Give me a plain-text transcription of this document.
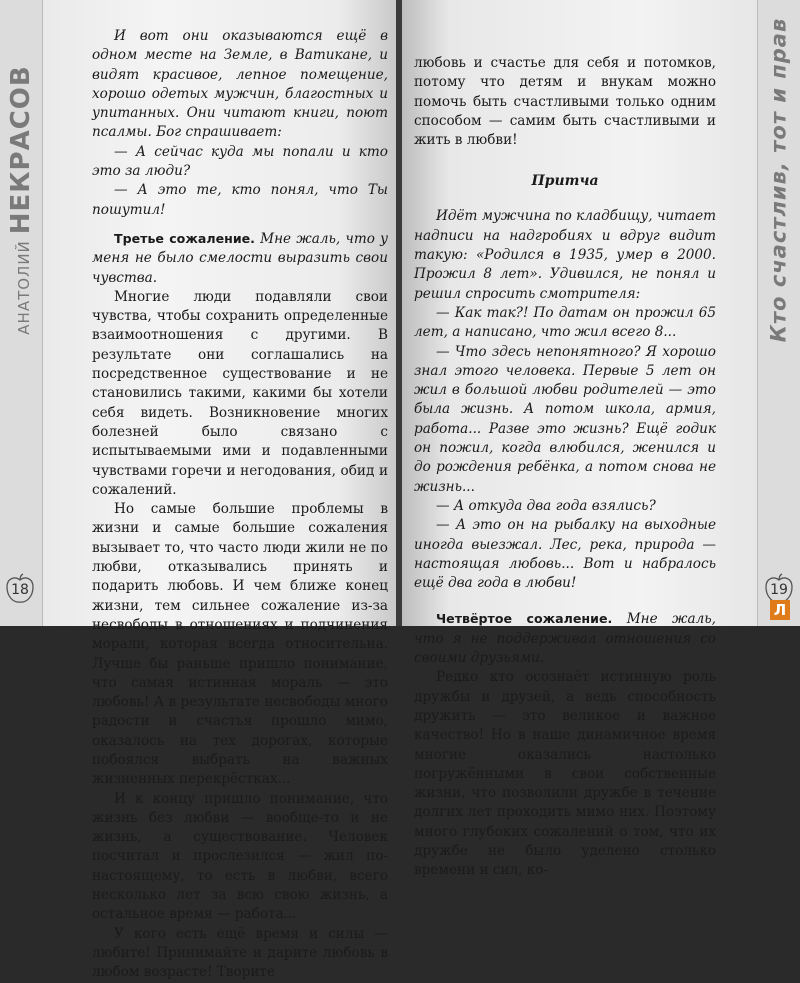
АНАТОЛИЙНЕКРАСОВ
18

И вот они оказываются ещё в одном месте на Земле, в Ватикане, и видят красивое, лепное помещение, хорошо одетых мужчин, благостных и упитанных. Они читают книги, поют псалмы. Бог спрашивает:

— А сейчас куда мы попали и кто это за люди?

— А это те, кто понял, что Ты пошутил!

Третье сожаление. Мне жаль, что у меня не было смелости выразить свои чувства.

Многие люди подавляли свои чувства, чтобы сохранить определенные взаимоотношения с другими. В результате они соглашались на посредственное существование и не становились такими, какими бы хотели себя видеть. Возникновение многих болезней было связано с испытываемыми ими и подавленными чувствами горечи и негодования, обид и сожалений.

Но самые большие проблемы в жизни и самые большие сожаления вызывает то, что часто люди жили не по любви, отказывались принять и подарить любовь. И чем ближе конец жизни, тем сильнее сожаление из-за несвободы в отношениях и подчинения морали, которая всегда относительна. Лучше бы раньше пришло понимание, что самая истинная мораль — это любовь! А в результате несвободы много радости и счастья прошло мимо, оказалось на тех дорогах, которые побоялся выбрать на важных жизненных перекрёстках...

И к концу пришло понимание, что жизнь без любви — вообще-то и не жизнь, а существование. Человек посчитал и прослезился — жил по-настоящему, то есть в любви, всего несколько лет за всю свою жизнь, а остальное время — работа...

У кого есть ещё время и силы — любите! Принимайте и дарите любовь в любом возрасте! Творите

Кто счастлив, тот и прав
19

любовь и счастье для себя и потомков, потому что детям и внукам можно помочь быть счастливыми только одним способом — самим быть счастливыми и жить в любви!

Притча

Идёт мужчина по кладбищу, читает надписи на надгробиях и вдруг видит такую: «Родился в 1935, умер в 2000. Прожил 8 лет». Удивился, не понял и решил спросить смотрителя:

— Как так?! По датам он прожил 65 лет, а написано, что жил всего 8...

— Что здесь непонятного? Я хорошо знал этого человека. Первые 5 лет он жил в большой любви родителей — это была жизнь. А потом школа, армия, работа... Разве это жизнь? Ещё годик он пожил, когда влюбился, женился и до рождения ребёнка, а потом снова не жизнь...

— А откуда два года взялись?

— А это он на рыбалку на выходные иногда выезжал. Лес, река, природа — настоящая любовь... Вот и набралось ещё два года в любви!

Четвёртое сожаление. Мне жаль, что я не поддерживал отношения со своими друзьями.

Редко кто осознаёт истинную роль дружбы и друзей, а ведь способность дружить — это великое и важное качество! Но в наше динамичное время многие оказались настолько погружёнными в свои собственные жизни, что позволили дружбе в течение долгих лет проходить мимо них. Поэтому много глубоких сожалений о том, что их дружбе не было уделено столько времени и сил, ко-

Л
